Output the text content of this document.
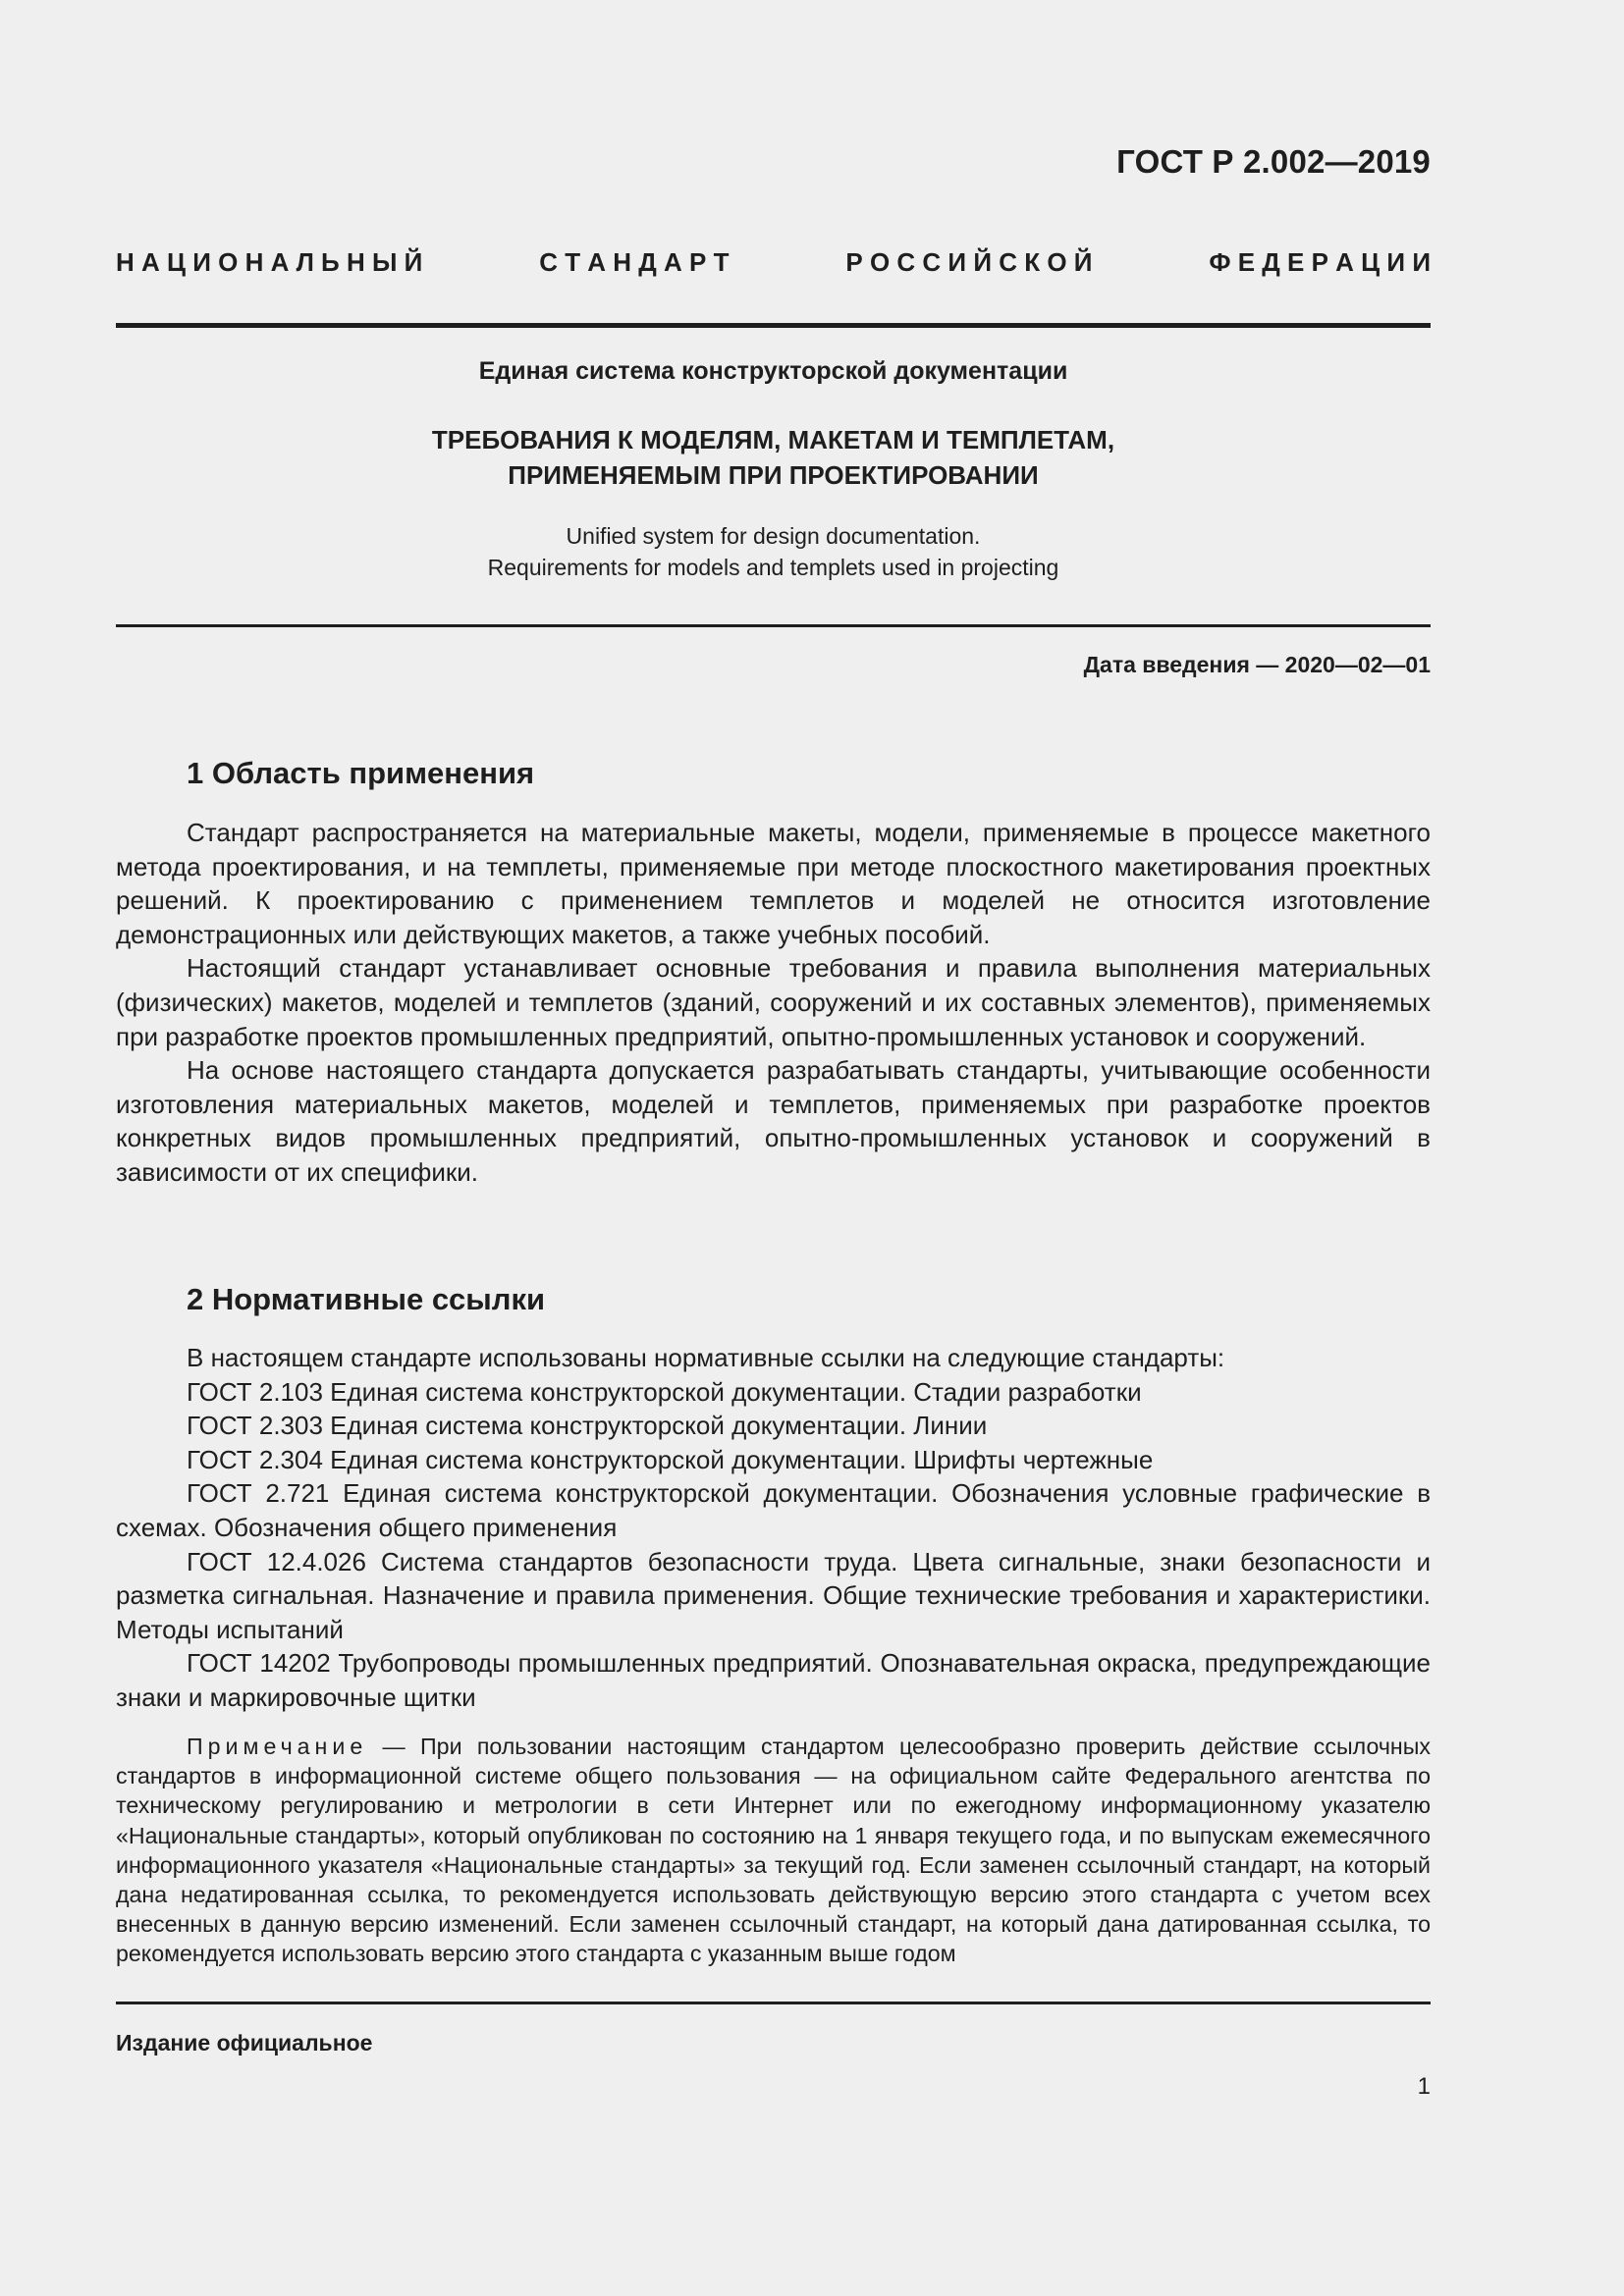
ГОСТ Р 2.002—2019
Н А Ц И О Н А Л Ь Н Ы Й	С Т А Н Д А Р Т	Р О С С И Й С К О Й	Ф Е Д Е Р А Ц И И
Единая система конструкторской документации
ТРЕБОВАНИЯ К МОДЕЛЯМ, МАКЕТАМ И ТЕМПЛЕТАМ,
ПРИМЕНЯЕМЫМ ПРИ ПРОЕКТИРОВАНИИ
Unified system for design documentation.
Requirements for models and templets used in projecting
Дата введения — 2020—02—01
1 Область применения

Стандарт распространяется на материальные макеты, модели, применяемые в процессе макетного метода проектирования, и на темплеты, применяемые при методе плоскостного макетирования проектных решений. К проектированию с применением темплетов и моделей не относится изготовление демонстрационных или действующих макетов, а также учебных пособий.

Настоящий стандарт устанавливает основные требования и правила выполнения материальных (физических) макетов, моделей и темплетов (зданий, сооружений и их составных элементов), применяемых при разработке проектов промышленных предприятий, опытно-промышленных установок и сооружений.

На основе настоящего стандарта допускается разрабатывать стандарты, учитывающие особенности изготовления материальных макетов, моделей и темплетов, применяемых при разработке проектов конкретных видов промышленных предприятий, опытно-промышленных установок и сооружений в зависимости от их специфики.

2 Нормативные ссылки

В настоящем стандарте использованы нормативные ссылки на следующие стандарты:

ГОСТ 2.103 Единая система конструкторской документации. Стадии разработки

ГОСТ 2.303 Единая система конструкторской документации. Линии

ГОСТ 2.304 Единая система конструкторской документации. Шрифты чертежные

ГОСТ 2.721 Единая система конструкторской документации. Обозначения условные графические в схемах. Обозначения общего применения

ГОСТ 12.4.026 Система стандартов безопасности труда. Цвета сигнальные, знаки безопасности и разметка сигнальная. Назначение и правила применения. Общие технические требования и характеристики. Методы испытаний

ГОСТ 14202 Трубопроводы промышленных предприятий. Опознавательная окраска, предупреждающие знаки и маркировочные щитки

Примечание — При пользовании настоящим стандартом целесообразно проверить действие ссылочных стандартов в информационной системе общего пользования — на официальном сайте Федерального агентства по техническому регулированию и метрологии в сети Интернет или по ежегодному информационному указателю «Национальные стандарты», который опубликован по состоянию на 1 января текущего года, и по выпускам ежемесячного информационного указателя «Национальные стандарты» за текущий год. Если заменен ссылочный стандарт, на который дана недатированная ссылка, то рекомендуется использовать действующую версию этого стандарта с учетом всех внесенных в данную версию изменений. Если заменен ссылочный стандарт, на который дана датированная ссылка, то рекомендуется использовать версию этого стандарта с указанным выше годом
Издание официальное
1
